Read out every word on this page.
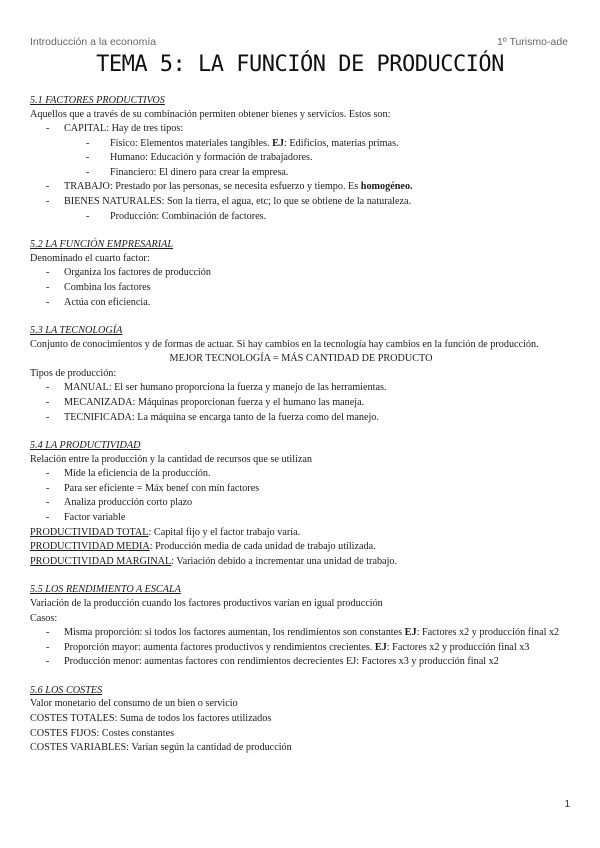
Introducción a la economía	1º Turismo-ade
TEMA 5: LA FUNCIÓN DE PRODUCCIÓN
5.1 FACTORES PRODUCTIVOS
Aquellos que a través de su combinación permiten obtener bienes y servicios. Estos son:
- CAPITAL: Hay de tres tipos:
- Físico: Elementos materiales tangibles. EJ: Edificios, materias primas.
- Humano: Educación y formación de trabajadores.
- Financiero: El dinero para crear la empresa.
- TRABAJO: Prestado por las personas, se necesita esfuerzo y tiempo. Es homogéneo.
- BIENES NATURALES: Son la tierra, el agua, etc; lo que se obtiene de la naturaleza.
- Producción: Combinación de factores.
5.2 LA FUNCIÓN EMPRESARIAL
Denominado el cuarto factor:
- Organiza los factores de producción
- Combina los factores
- Actúa con eficiencia.
5.3 LA TECNOLOGÍA
Conjunto de conocimientos y de formas de actuar. Si hay cambios en la tecnología hay cambios en la función de producción.
MEJOR TECNOLOGÍA = MÁS CANTIDAD DE PRODUCTO
Tipos de producción:
- MANUAL: El ser humano proporciona la fuerza y manejo de las herramientas.
- MECANIZADA: Máquinas proporcionan fuerza y el humano las maneja.
- TECNIFICADA: La máquina se encarga tanto de la fuerza como del manejo.
5.4 LA PRODUCTIVIDAD
Relación entre la producción y la cantidad de recursos que se utilizan
- Mide la eficiencia de la producción.
- Para ser eficiente = Máx benef con mín factores
- Analiza producción corto plazo
- Factor variable
PRODUCTIVIDAD TOTAL: Capital fijo y el factor trabajo varía.
PRODUCTIVIDAD MEDIA: Producción media de cada unidad de trabajo utilizada.
PRODUCTIVIDAD MARGINAL: Variación debido a incrementar una unidad de trabajo.
5.5 LOS RENDIMIENTO A ESCALA
Variación de la producción cuando los factores productivos varían en igual producción
Casos:
- Misma proporción: si todos los factores aumentan, los rendimientos son constantes EJ: Factores x2 y producción final x2
- Proporción mayor: aumenta factores productivos y rendimientos crecientes. EJ: Factores x2 y producción final x3
- Producción menor: aumentas factores con rendimientos decrecientes EJ: Factores x3 y producción final x2
5.6 LOS COSTES
Valor monetario del consumo de un bien o servicio
COSTES TOTALES: Suma de todos los factores utilizados
COSTES FIJOS: Costes constantes
COSTES VARIABLES: Varían según la cantidad de producción
1
